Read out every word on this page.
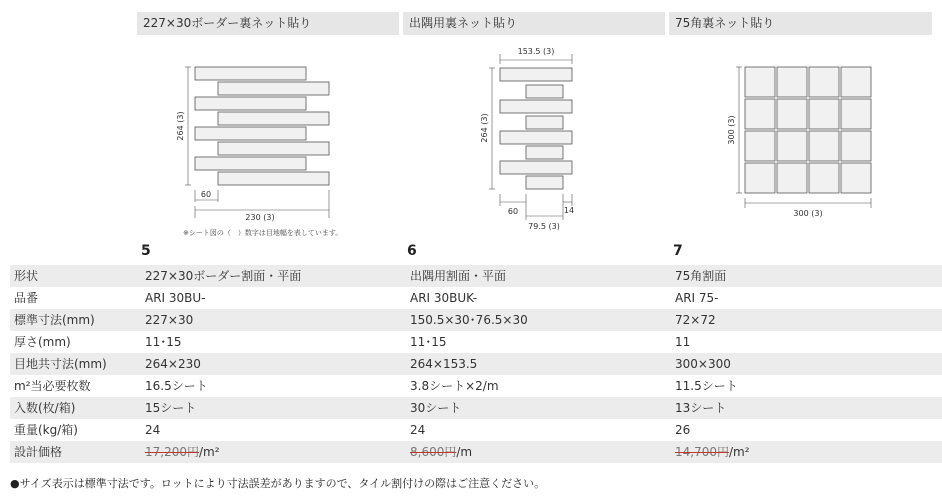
227×30ボーダー裏ネット貼り	出隅用裏ネット貼り	75角裏ネット貼り
264 (3)
60
230 (3)
※シート図の（　）数字は目地幅を表しています。
153.5 (3)
264 (3)
60	14
79.5 (3)
300 (3)
300 (3)
5	6	7
形状	227×30ボーダー割面・平面	出隅用割面・平面	75角割面
品番	ARI 30BU-	ARI 30BUK-	ARI 75-
標準寸法(mm)	227×30	150.5×30･76.5×30	72×72
厚さ(mm)	11･15	11･15	11
目地共寸法(mm)	264×230	264×153.5	300×300
m²当必要枚数	16.5シート	3.8シート×2/m	11.5シート
入数(枚/箱)	15シート	30シート	13シート
重量(kg/箱)	24	24	26
設計価格	17,200円/m²	8,600円/m	14,700円/m²
●サイズ表示は標準寸法です。ロットにより寸法誤差がありますので、タイル割付けの際はご注意ください。
